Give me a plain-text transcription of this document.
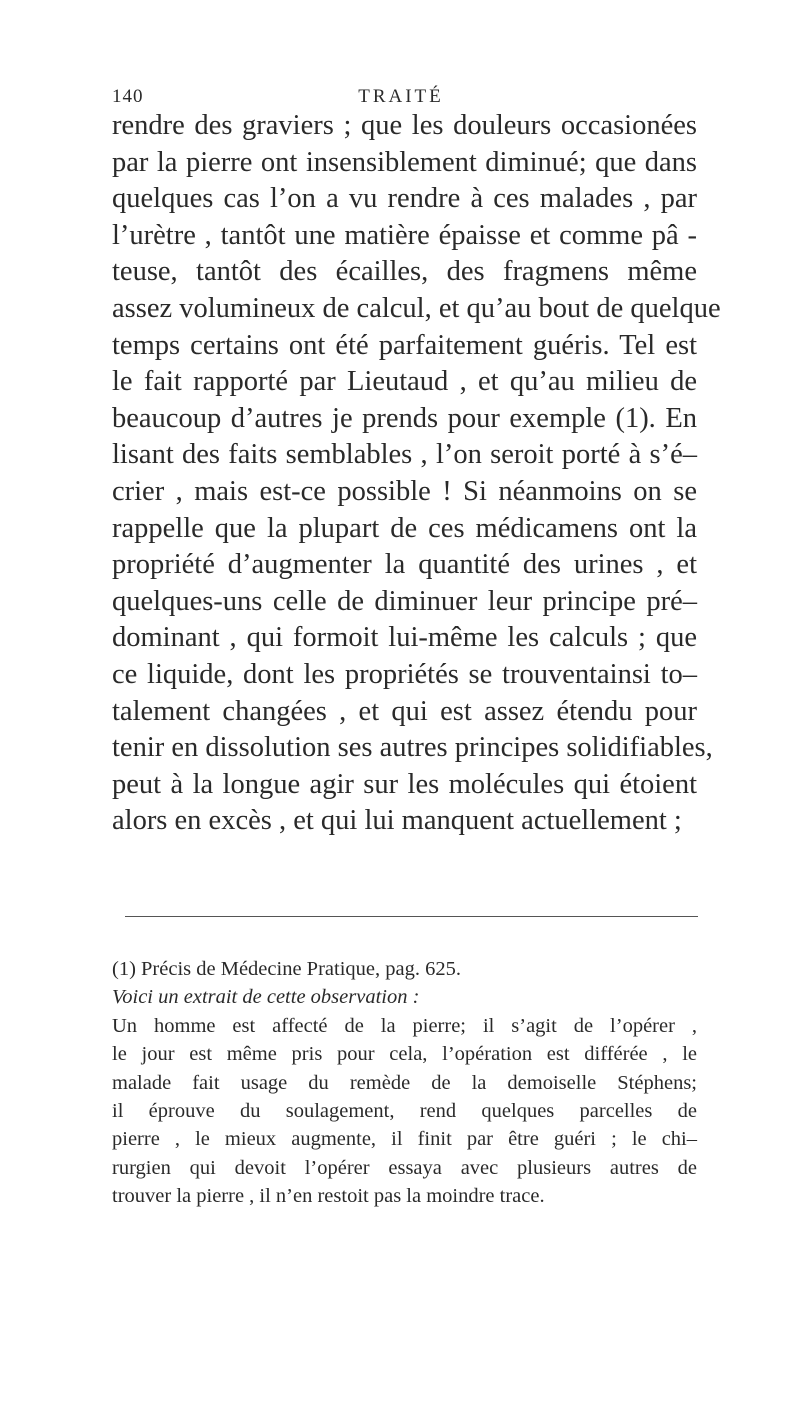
140	TRAITÉ
rendre des graviers ; que les douleurs occasionées
par la pierre ont insensiblement diminué; que dans
quelques cas l’on a vu rendre à ces malades , par
l’urètre , tantôt une matière épaisse et comme pâ -
teuse, tantôt des écailles, des fragmens même
assez volumineux de calcul, et qu’au bout de quelque
temps certains ont été parfaitement guéris. Tel est
le fait rapporté par Lieutaud , et qu’au milieu de
beaucoup d’autres je prends pour exemple (1). En
lisant des faits semblables , l’on seroit porté à s’é–
crier , mais est-ce possible ! Si néanmoins on se
rappelle que la plupart de ces médicamens ont la
propriété d’augmenter la quantité des urines , et
quelques-uns celle de diminuer leur principe pré–
dominant , qui formoit lui-même les calculs ; que
ce liquide, dont les propriétés se trouventainsi to–
talement changées , et qui est assez étendu pour
tenir en dissolution ses autres principes solidifiables,
peut à la longue agir sur les molécules qui étoient
alors en excès , et qui lui manquent actuellement ;
(1) Précis de Médecine Pratique, pag. 625.
Voici un extrait de cette observation :
Un homme est affecté de la pierre; il s’agit de l’opérer ,
le jour est même pris pour cela, l’opération est différée , le
malade fait usage du remède de la demoiselle Stéphens;
il éprouve du soulagement, rend quelques parcelles de
pierre , le mieux augmente, il finit par être guéri ; le chi–
rurgien qui devoit l’opérer essaya avec plusieurs autres de
trouver la pierre , il n’en restoit pas la moindre trace.
